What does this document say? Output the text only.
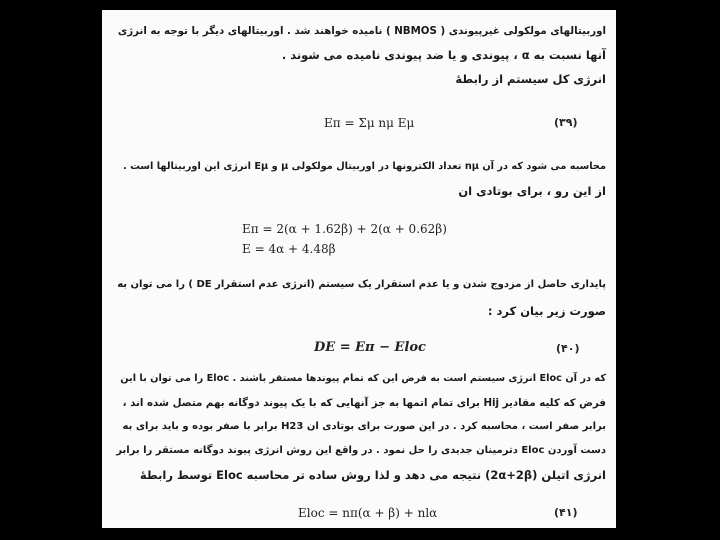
اوربیتالهای مولکولی غیرپیوندی ( NBMOS ) نامیده خواهند شد . اوربیتالهای دیگر با توجه به انرژی
آنها نسبت به α ، پیوندی و یا ضد پیوندی نامیده می شوند .
انرژی کل سیستم از رابطهٔ
Eπ = Σμ nμ Eμ	(۳۹)
محاسبه می شود که در آن nμ تعداد الکترونها در اوربیتال مولکولی μ و Eμ انرژی این اوربیتالها است .
از این رو ، برای بوتادی ان
Eπ = 2(α + 1.62β) + 2(α + 0.62β)
E = 4α + 4.48β
پایداری حاصل از مزدوج شدن و یا عدم استقرار یک سیستم (انرژی عدم استقرار DE ) را می توان به
صورت زیر بیان کرد :
DE = Eπ − Eloc	(۴۰)
که در آن Eloc انرژی سیستم است به فرض این که تمام پیوندها مستقر باشند . Eloc را می توان با این
فرض که کلیه مقادیر Hij برای تمام اتمها به جز آنهایی که با یک پیوند دوگانه بهم متصل شده اند ،
برابر صفر است ، محاسبه کرد . در این صورت برای بوتادی ان H23 برابر با صفر بوده و باید برای به
دست آوردن Eloc دترمینان جدیدی را حل نمود . در واقع این روش انرژی پیوند دوگانه مستقر را برابر
انرژی اتیلن (2α+2β) نتیجه می دهد و لذا روش ساده تر محاسبه Eloc توسط رابطهٔ
Eloc = nπ(α + β) + nlα	(۴۱)
